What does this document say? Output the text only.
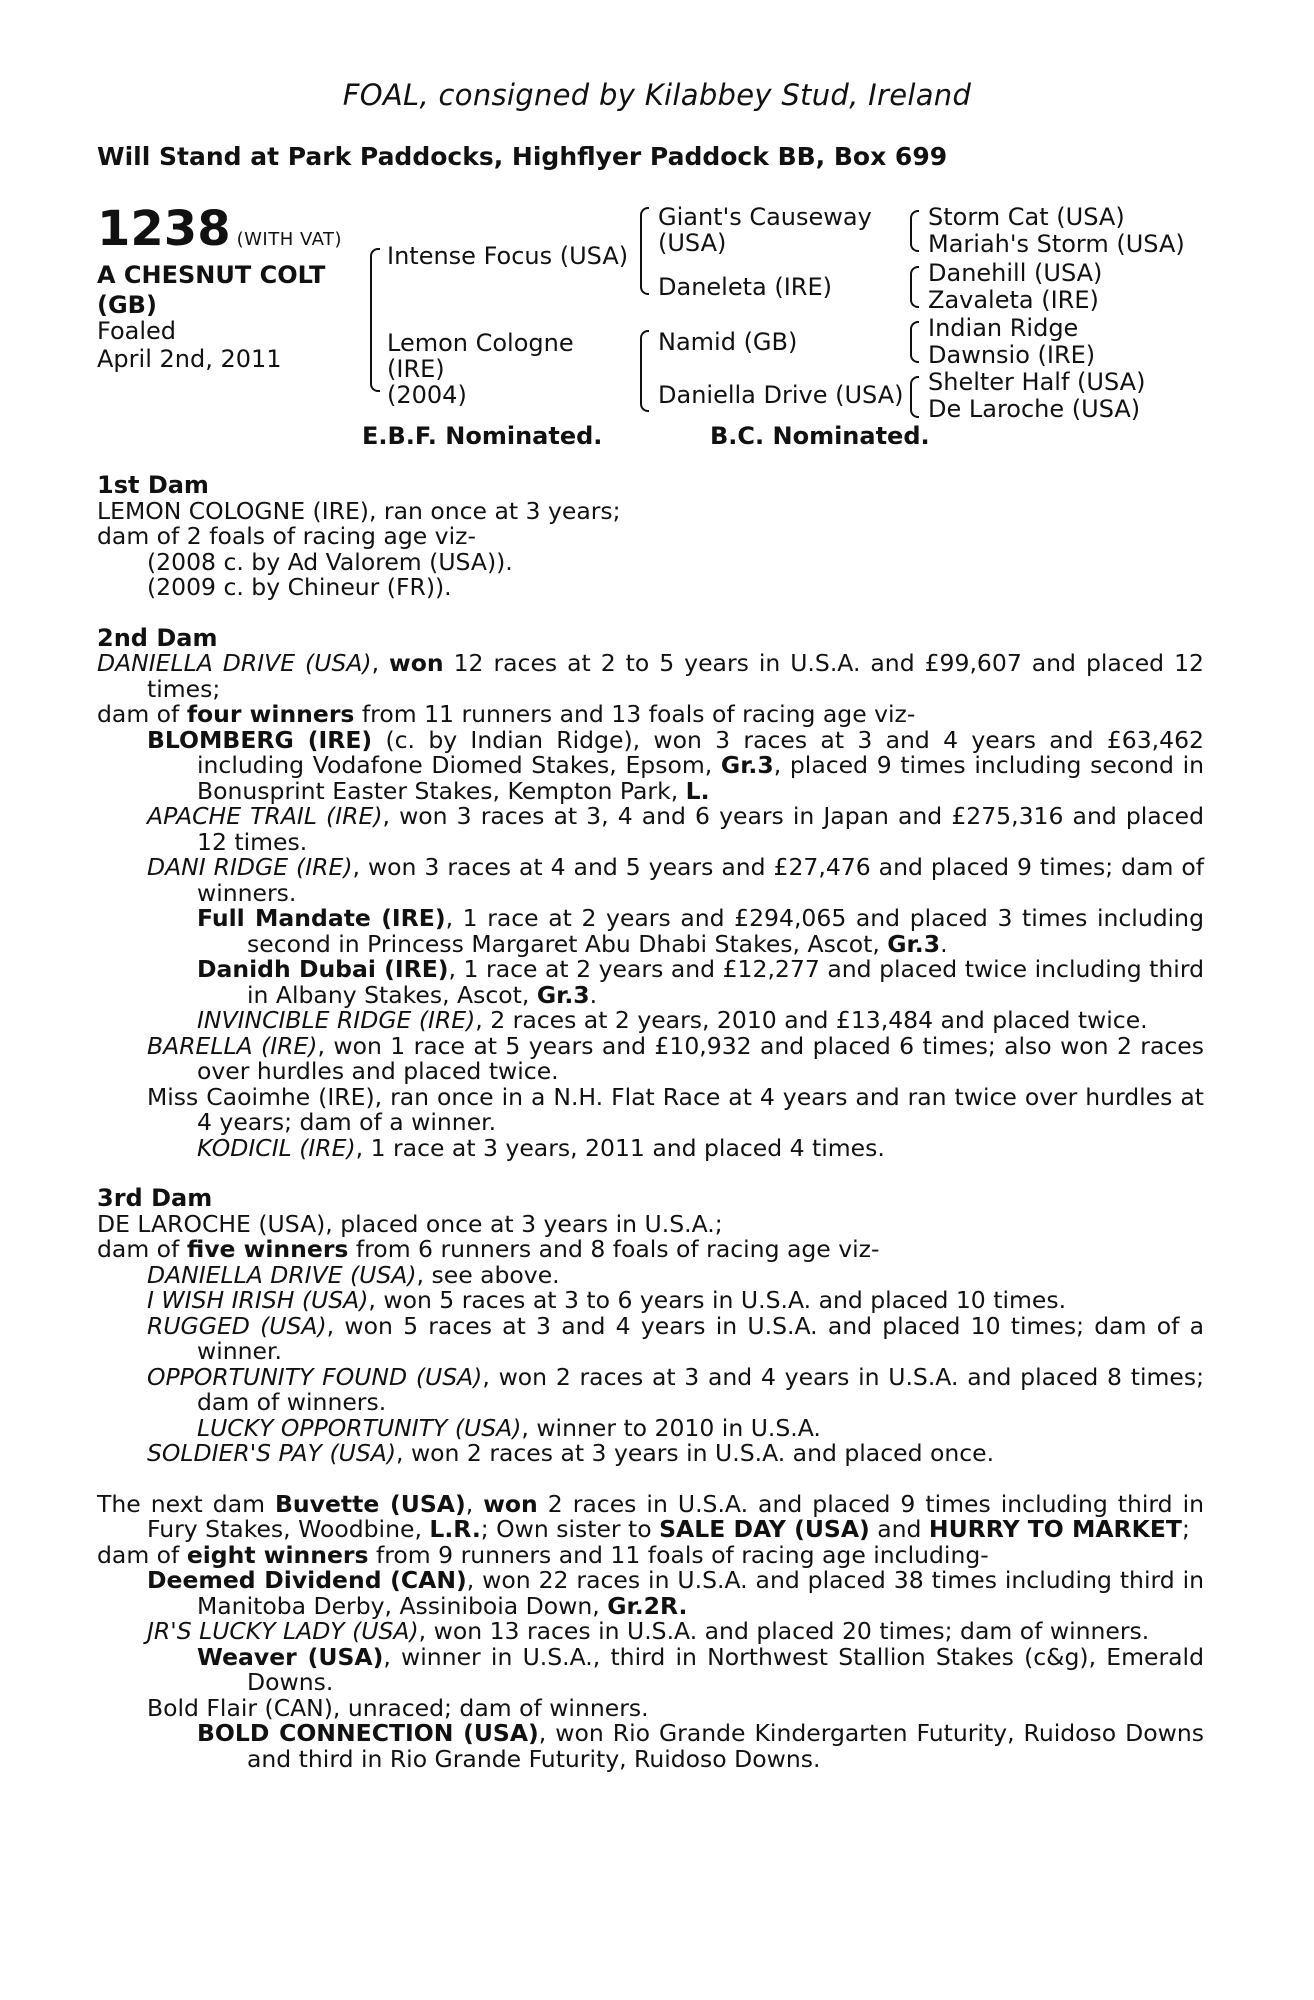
FOAL, consigned by Kilabbey Stud, Ireland
Will Stand at Park Paddocks, Highflyer Paddock BB, Box 699
1238 (WITH VAT)
A CHESNUT COLT
(GB)
Foaled
April 2nd, 2011
Intense Focus (USA)
Lemon Cologne
(IRE)
(2004)
Giant's Causeway
(USA)
Daneleta (IRE)
Namid (GB)
Daniella Drive (USA)
Storm Cat (USA)
Mariah's Storm (USA)
Danehill (USA)
Zavaleta (IRE)
Indian Ridge
Dawnsio (IRE)
Shelter Half (USA)
De Laroche (USA)
E.B.F. Nominated.	B.C. Nominated.
1st Dam
LEMON COLOGNE (IRE), ran once at 3 years;
dam of 2 foals of racing age viz-
(2008 c. by Ad Valorem (USA)).
(2009 c. by Chineur (FR)).
2nd Dam
DANIELLA DRIVE (USA), won 12 races at 2 to 5 years in U.S.A. and £99,607 and placed 12 times;
dam of four winners from 11 runners and 13 foals of racing age viz-
BLOMBERG (IRE) (c. by Indian Ridge), won 3 races at 3 and 4 years and £63,462 including Vodafone Diomed Stakes, Epsom, Gr.3, placed 9 times including second in Bonusprint Easter Stakes, Kempton Park, L.
APACHE TRAIL (IRE), won 3 races at 3, 4 and 6 years in Japan and £275,316 and placed 12 times.
DANI RIDGE (IRE), won 3 races at 4 and 5 years and £27,476 and placed 9 times; dam of winners.
Full Mandate (IRE), 1 race at 2 years and £294,065 and placed 3 times including second in Princess Margaret Abu Dhabi Stakes, Ascot, Gr.3.
Danidh Dubai (IRE), 1 race at 2 years and £12,277 and placed twice including third in Albany Stakes, Ascot, Gr.3.
INVINCIBLE RIDGE (IRE), 2 races at 2 years, 2010 and £13,484 and placed twice.
BARELLA (IRE), won 1 race at 5 years and £10,932 and placed 6 times; also won 2 races over hurdles and placed twice.
Miss Caoimhe (IRE), ran once in a N.H. Flat Race at 4 years and ran twice over hurdles at 4 years; dam of a winner.
KODICIL (IRE), 1 race at 3 years, 2011 and placed 4 times.
3rd Dam
DE LAROCHE (USA), placed once at 3 years in U.S.A.;
dam of five winners from 6 runners and 8 foals of racing age viz-
DANIELLA DRIVE (USA), see above.
I WISH IRISH (USA), won 5 races at 3 to 6 years in U.S.A. and placed 10 times.
RUGGED (USA), won 5 races at 3 and 4 years in U.S.A. and placed 10 times; dam of a winner.
OPPORTUNITY FOUND (USA), won 2 races at 3 and 4 years in U.S.A. and placed 8 times; dam of winners.
LUCKY OPPORTUNITY (USA), winner to 2010 in U.S.A.
SOLDIER'S PAY (USA), won 2 races at 3 years in U.S.A. and placed once.
The next dam Buvette (USA), won 2 races in U.S.A. and placed 9 times including third in Fury Stakes, Woodbine, L.R.; Own sister to SALE DAY (USA) and HURRY TO MARKET;
dam of eight winners from 9 runners and 11 foals of racing age including-
Deemed Dividend (CAN), won 22 races in U.S.A. and placed 38 times including third in Manitoba Derby, Assiniboia Down, Gr.2R.
JR'S LUCKY LADY (USA), won 13 races in U.S.A. and placed 20 times; dam of winners.
Weaver (USA), winner in U.S.A., third in Northwest Stallion Stakes (c&g), Emerald Downs.
Bold Flair (CAN), unraced; dam of winners.
BOLD CONNECTION (USA), won Rio Grande Kindergarten Futurity, Ruidoso Downs and third in Rio Grande Futurity, Ruidoso Downs.
